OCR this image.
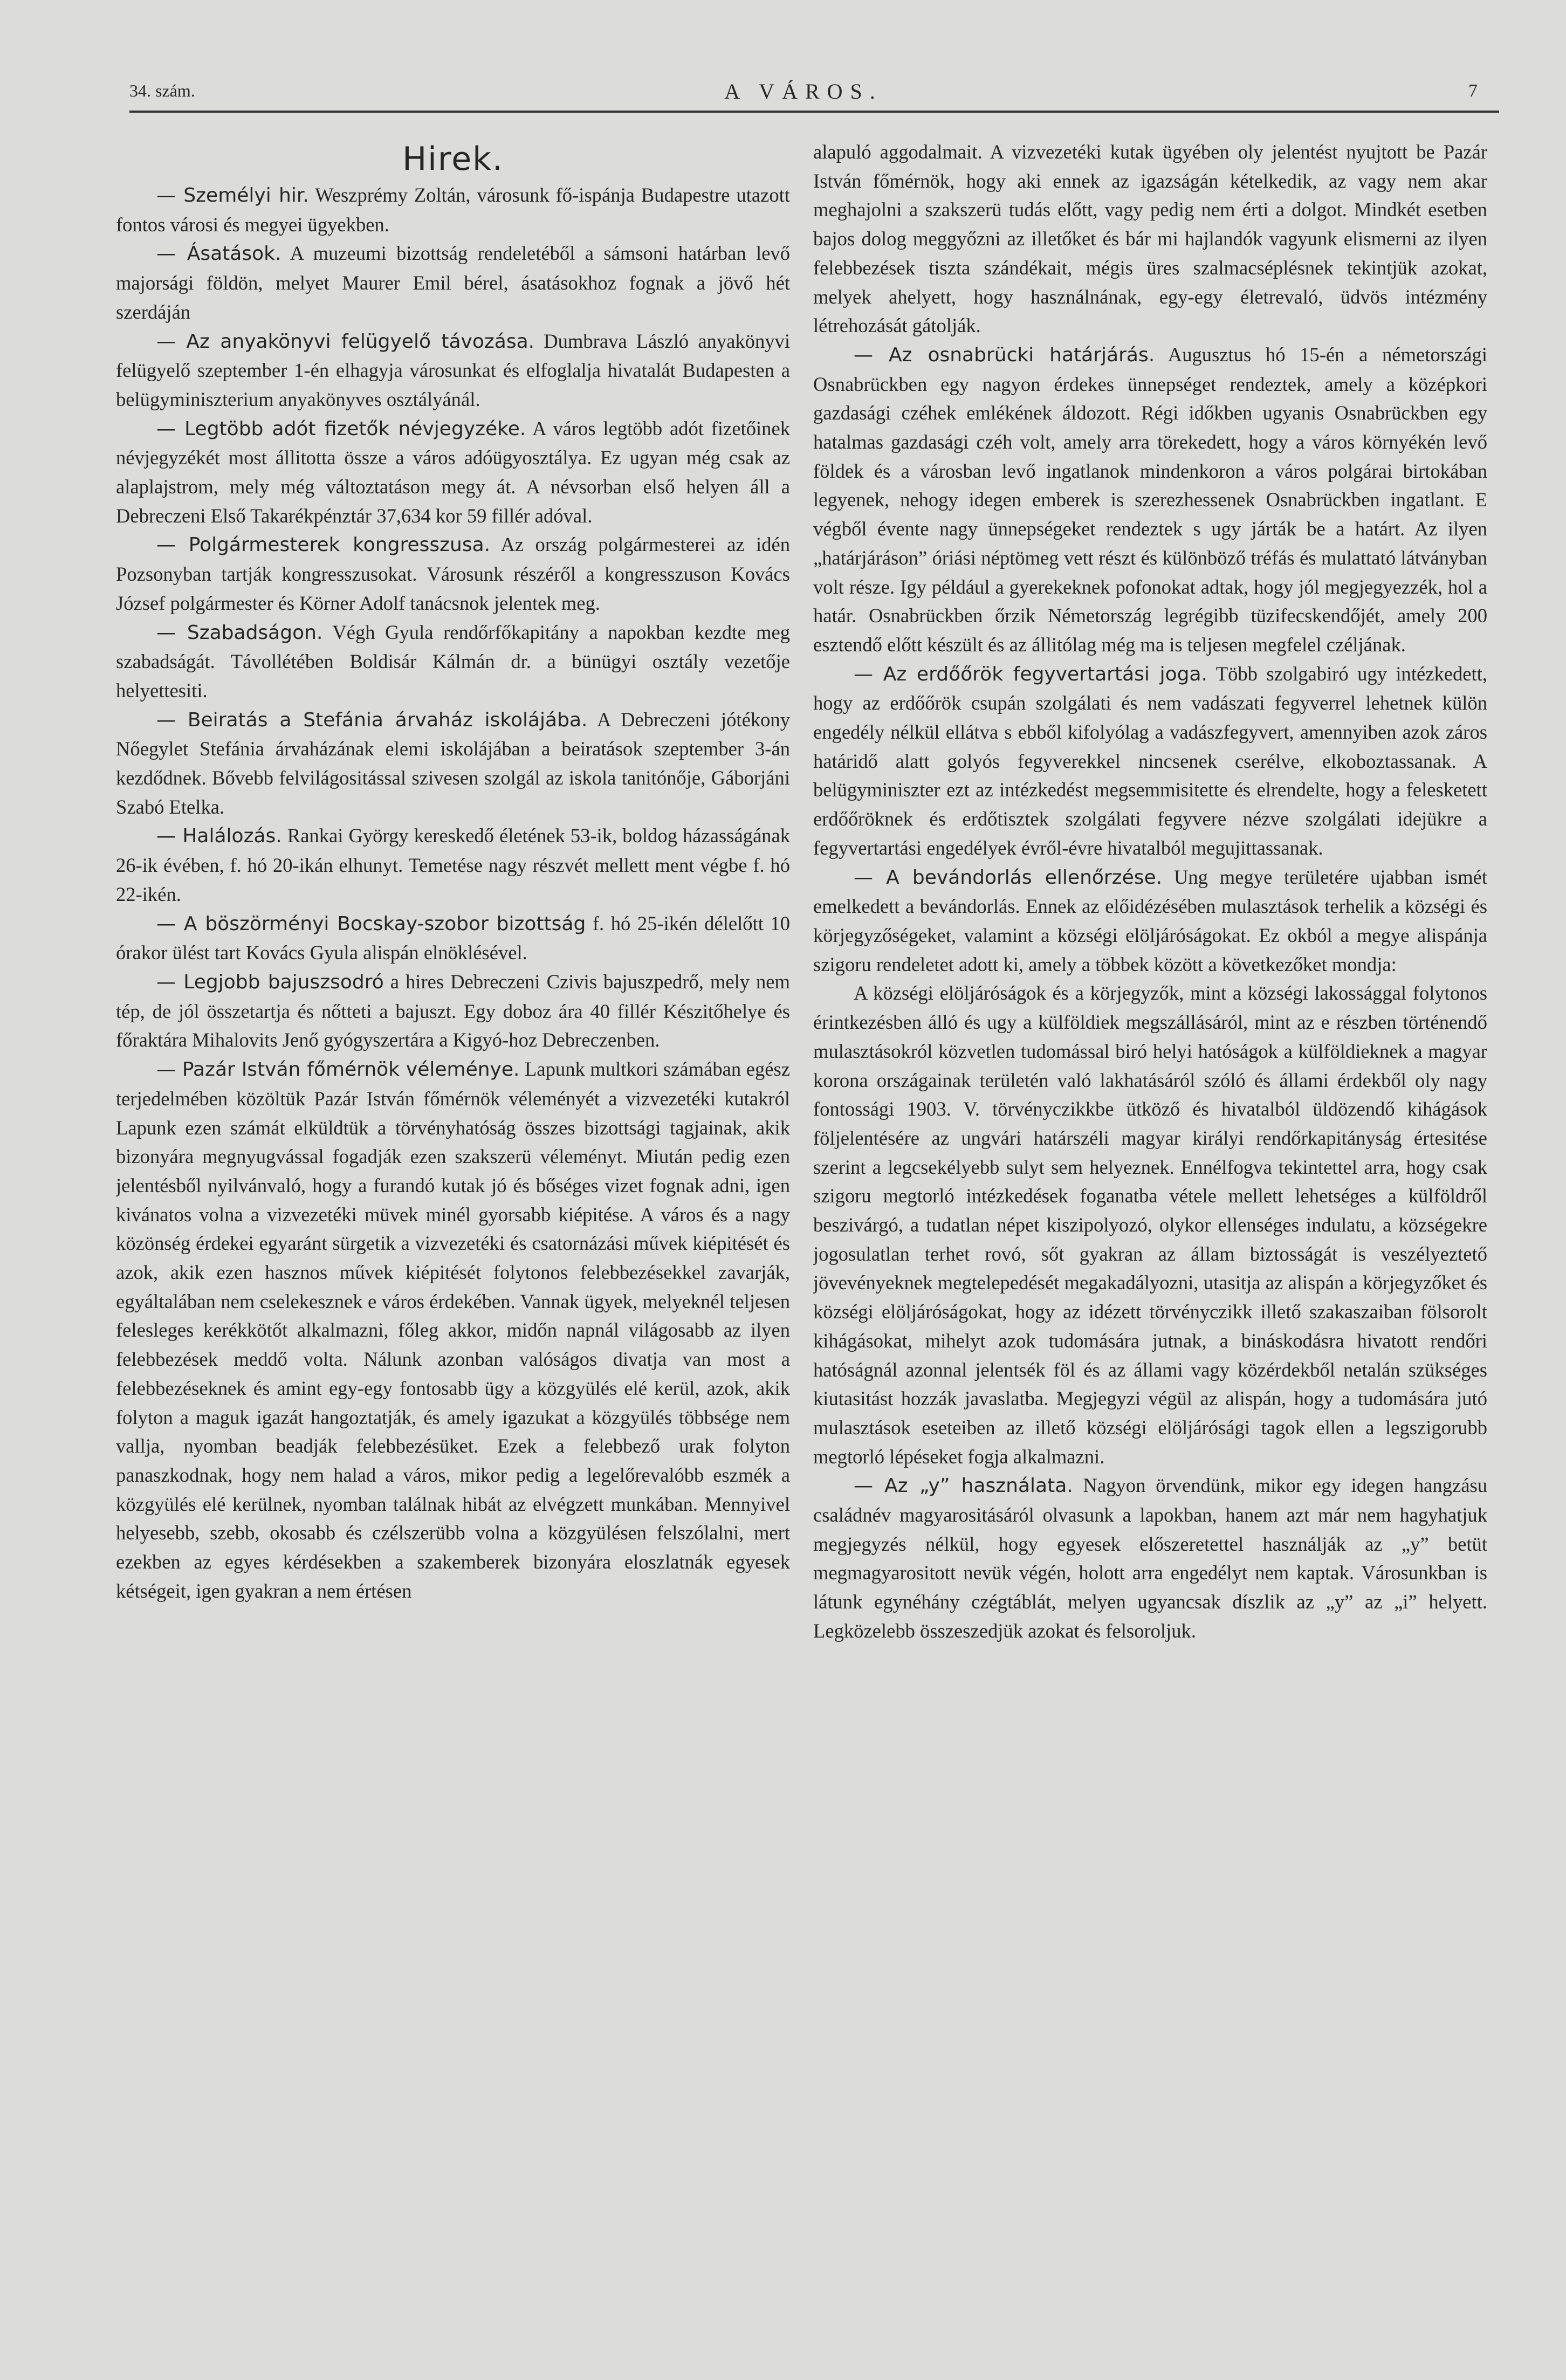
34. szám.	A VÁROS.	7
Hirek.

— Személyi hir. Weszprémy Zoltán, városunk fő-ispánja Budapestre utazott fontos városi és megyei ügyekben.

— Ásatások. A muzeumi bizottság rendeletéből a sámsoni határban levő majorsági földön, melyet Maurer Emil bérel, ásatásokhoz fognak a jövő hét szerdáján

— Az anyakönyvi felügyelő távozása. Dumbrava László anyakönyvi felügyelő szeptember 1-én elhagyja városunkat és elfoglalja hivatalát Budapesten a belügyminiszterium anyakönyves osztályánál.

— Legtöbb adót fizetők névjegyzéke. A város legtöbb adót fizetőinek névjegyzékét most állitotta össze a város adóügyosztálya. Ez ugyan még csak az alaplajstrom, mely még változtatáson megy át. A névsorban első helyen áll a Debreczeni Első Takarékpénztár 37,634 kor 59 fillér adóval.

— Polgármesterek kongresszusa. Az ország polgármesterei az idén Pozsonyban tartják kongresszusokat. Városunk részéről a kongresszuson Kovács József polgármester és Körner Adolf tanácsnok jelentek meg.

— Szabadságon. Végh Gyula rendőrfőkapitány a napokban kezdte meg szabadságát. Távollétében Boldisár Kálmán dr. a bünügyi osztály vezetője helyettesiti.

— Beiratás a Stefánia árvaház iskolájába. A Debreczeni jótékony Nőegylet Stefánia árvaházának elemi iskolájában a beiratások szeptember 3-án kezdődnek. Bővebb felvilágositással szivesen szolgál az iskola tanitónője, Gáborjáni Szabó Etelka.

— Halálozás. Rankai György kereskedő életének 53-ik, boldog házasságának 26-ik évében, f. hó 20-ikán elhunyt. Temetése nagy részvét mellett ment végbe f. hó 22-ikén.

— A böszörményi Bocskay-szobor bizottság f. hó 25-ikén délelőtt 10 órakor ülést tart Kovács Gyula alispán elnöklésével.

— Legjobb bajuszsodró a hires Debreczeni Czivis bajuszpedrő, mely nem tép, de jól összetartja és nőtteti a bajuszt. Egy doboz ára 40 fillér Készitőhelye és főraktára Mihalovits Jenő gyógyszertára a Kigyó-hoz Debreczenben.

— Pazár István főmérnök véleménye. Lapunk multkori számában egész terjedelmében közöltük Pazár István főmérnök véleményét a vizvezetéki kutakról Lapunk ezen számát elküldtük a törvényhatóság összes bizottsági tagjainak, akik bizonyára megnyugvással fogadják ezen szakszerü véleményt. Miután pedig ezen jelentésből nyilvánvaló, hogy a furandó kutak jó és bőséges vizet fognak adni, igen kivánatos volna a vizvezetéki müvek minél gyorsabb kiépitése. A város és a nagy közönség érdekei egyaránt sürgetik a vizvezetéki és csatornázási művek kiépitését és azok, akik ezen hasznos művek kiépitését folytonos felebbezésekkel zavarják, egyáltalában nem cselekesznek e város érdekében. Vannak ügyek, melyeknél teljesen felesleges kerékkötőt alkalmazni, főleg akkor, midőn napnál világosabb az ilyen felebbezések meddő volta. Nálunk azonban valóságos divatja van most a felebbezéseknek és amint egy-egy fontosabb ügy a közgyülés elé kerül, azok, akik folyton a maguk igazát hangoztatják, és amely igazukat a közgyülés többsége nem vallja, nyomban beadják felebbezésüket. Ezek a felebbező urak folyton panaszkodnak, hogy nem halad a város, mikor pedig a legelőrevalóbb eszmék a közgyülés elé kerülnek, nyomban találnak hibát az elvégzett munkában. Mennyivel helyesebb, szebb, okosabb és czélszerübb volna a közgyülésen felszólalni, mert ezekben az egyes kérdésekben a szakemberek bizonyára eloszlatnák egyesek kétségeit, igen gyakran a nem értésen

alapuló aggodalmait. A vizvezetéki kutak ügyében oly jelentést nyujtott be Pazár István főmérnök, hogy aki ennek az igazságán kételkedik, az vagy nem akar meghajolni a szakszerü tudás előtt, vagy pedig nem érti a dolgot. Mindkét esetben bajos dolog meggyőzni az illetőket és bár mi hajlandók vagyunk elismerni az ilyen felebbezések tiszta szándékait, mégis üres szalmacséplésnek tekintjük azokat, melyek ahelyett, hogy használnának, egy-egy életrevaló, üdvös intézmény létrehozását gátolják.

— Az osnabrücki határjárás. Augusztus hó 15-én a németországi Osnabrückben egy nagyon érdekes ünnepséget rendeztek, amely a középkori gazdasági czéhek emlékének áldozott. Régi időkben ugyanis Osnabrückben egy hatalmas gazdasági czéh volt, amely arra törekedett, hogy a város környékén levő földek és a városban levő ingatlanok mindenkoron a város polgárai birtokában legyenek, nehogy idegen emberek is szerezhessenek Osnabrückben ingatlant. E végből évente nagy ünnepségeket rendeztek s ugy járták be a határt. Az ilyen „határjárásonˮ óriási néptömeg vett részt és különböző tréfás és mulattató látványban volt része. Igy például a gyerekeknek pofonokat adtak, hogy jól megjegyezzék, hol a határ. Osnabrückben őrzik Németország legrégibb tüzifecskendőjét, amely 200 esztendő előtt készült és az állitólag még ma is teljesen megfelel czéljának.

— Az erdőőrök fegyvertartási joga. Több szolgabiró ugy intézkedett, hogy az erdőőrök csupán szolgálati és nem vadászati fegyverrel lehetnek külön engedély nélkül ellátva s ebből kifolyólag a vadászfegyvert, amennyiben azok záros határidő alatt golyós fegyverekkel nincsenek cserélve, elkoboztassanak. A belügyminiszter ezt az intézkedést megsemmisitette és elrendelte, hogy a felesketett erdőőröknek és erdőtisztek szolgálati fegyvere nézve szolgálati idejükre a fegyvertartási engedélyek évről-évre hivatalból megujittassanak.

— A bevándorlás ellenőrzése. Ung megye területére ujabban ismét emelkedett a bevándorlás. Ennek az előidézésében mulasztások terhelik a községi és körjegyzőségeket, valamint a községi elöljáróságokat. Ez okból a megye alispánja szigoru rendeletet adott ki, amely a többek között a következőket mondja:

A községi elöljáróságok és a körjegyzők, mint a községi lakossággal folytonos érintkezésben álló és ugy a külföldiek megszállásáról, mint az e részben történendő mulasztásokról közvetlen tudomással biró helyi hatóságok a külföldieknek a magyar korona országainak területén való lakhatásáról szóló és állami érdekből oly nagy fontossági 1903. V. törvényczikkbe ütköző és hivatalból üldözendő kihágások följelentésére az ungvári határszéli magyar királyi rendőrkapitányság értesitése szerint a legcsekélyebb sulyt sem helyeznek. Ennélfogva tekintettel arra, hogy csak szigoru megtorló intézkedések foganatba vétele mellett lehetséges a külföldről beszivárgó, a tudatlan népet kiszipolyozó, olykor ellenséges indulatu, a községekre jogosulatlan terhet rovó, sőt gyakran az állam biztosságát is veszélyeztető jövevényeknek megtelepedését megakadályozni, utasitja az alispán a körjegyzőket és községi elöljáróságokat, hogy az idézett törvényczikk illető szakaszaiban fölsorolt kihágásokat, mihelyt azok tudomására jutnak, a bináskodásra hivatott rendőri hatóságnál azonnal jelentsék föl és az állami vagy közérdekből netalán szükséges kiutasitást hozzák javaslatba. Megjegyzi végül az alispán, hogy a tudomására jutó mulasztások eseteiben az illető községi elöljárósági tagok ellen a legszigorubb megtorló lépéseket fogja alkalmazni.

— Az „yˮ használata. Nagyon örvendünk, mikor egy idegen hangzásu családnév magyarositásáról olvasunk a lapokban, hanem azt már nem hagyhatjuk megjegyzés nélkül, hogy egyesek előszeretettel használják az „yˮ betüt megmagyarositott nevük végén, holott arra engedélyt nem kaptak. Városunkban is látunk egynéhány czégtáblát, melyen ugyancsak díszlik az „yˮ az „iˮ helyett. Legközelebb összeszedjük azokat és felsoroljuk.
